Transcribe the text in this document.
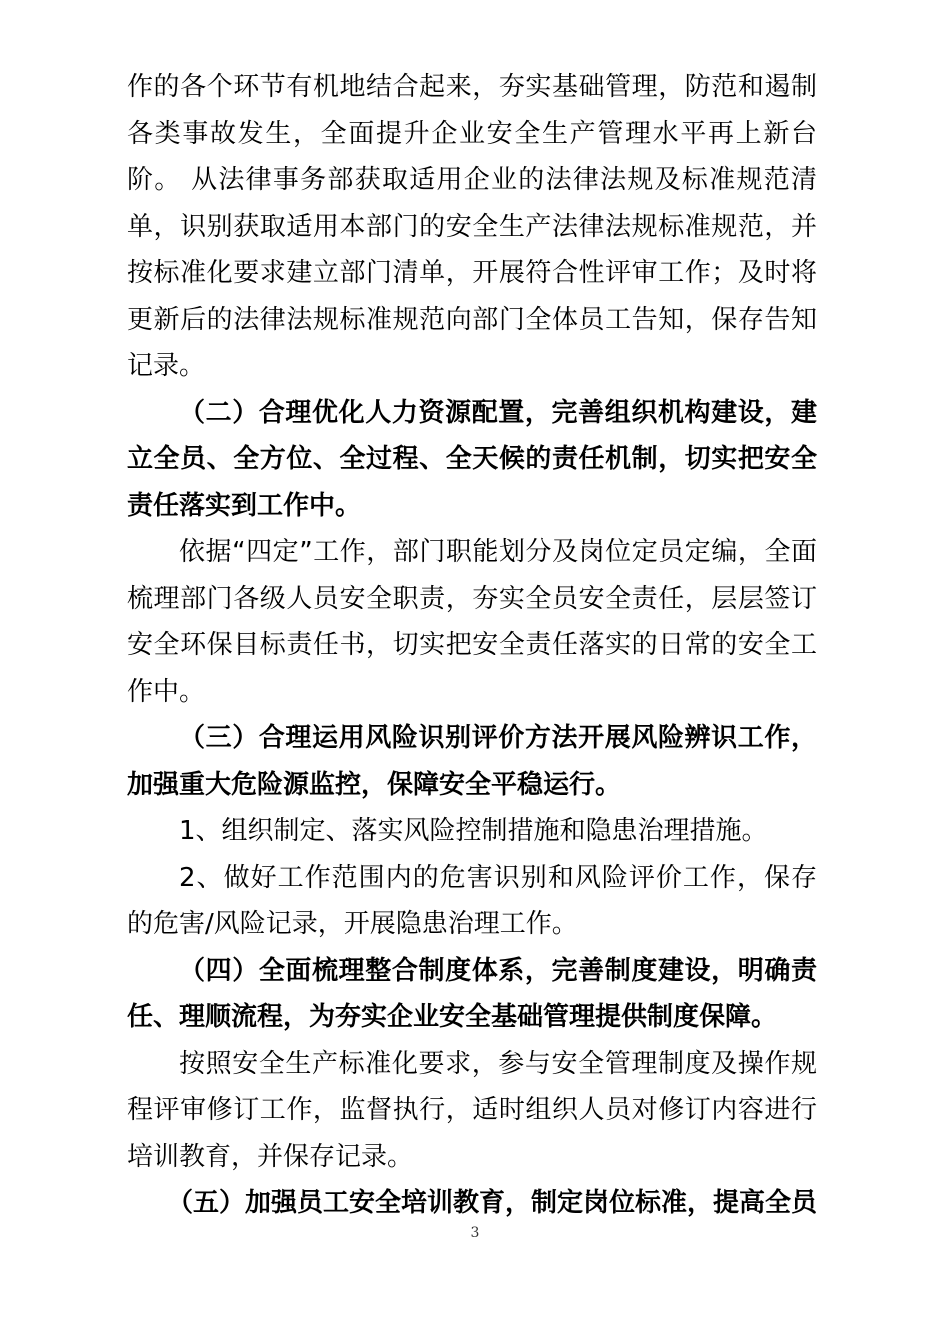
作的各个环节有机地结合起来，夯实基础管理，防范和遏制各类事故发生，全面提升企业安全生产管理水平再上新台阶。 从法律事务部获取适用企业的法律法规及标准规范清单，识别获取适用本部门的安全生产法律法规标准规范，并按标准化要求建立部门清单，开展符合性评审工作；及时将更新后的法律法规标准规范向部门全体员工告知，保存告知记录。

（二）合理优化人力资源配置，完善组织机构建设，建立全员、全方位、全过程、全天候的责任机制，切实把安全责任落实到工作中。

依据“四定”工作，部门职能划分及岗位定员定编，全面梳理部门各级人员安全职责，夯实全员安全责任，层层签订安全环保目标责任书，切实把安全责任落实的日常的安全工作中。

（三）合理运用风险识别评价方法开展风险辨识工作， 加强重大危险源监控，保障安全平稳运行。

1、组织制定、落实风险控制措施和隐患治理措施。

2、做好工作范围内的危害识别和风险评价工作，保存的危害/风险记录，开展隐患治理工作。

（四）全面梳理整合制度体系，完善制度建设，明确责任、理顺流程，为夯实企业安全基础管理提供制度保障。

按照安全生产标准化要求，参与安全管理制度及操作规程评审修订工作，监督执行，适时组织人员对修订内容进行培训教育，并保存记录。

（五）加强员工安全培训教育，制定岗位标准，提高全员

3
